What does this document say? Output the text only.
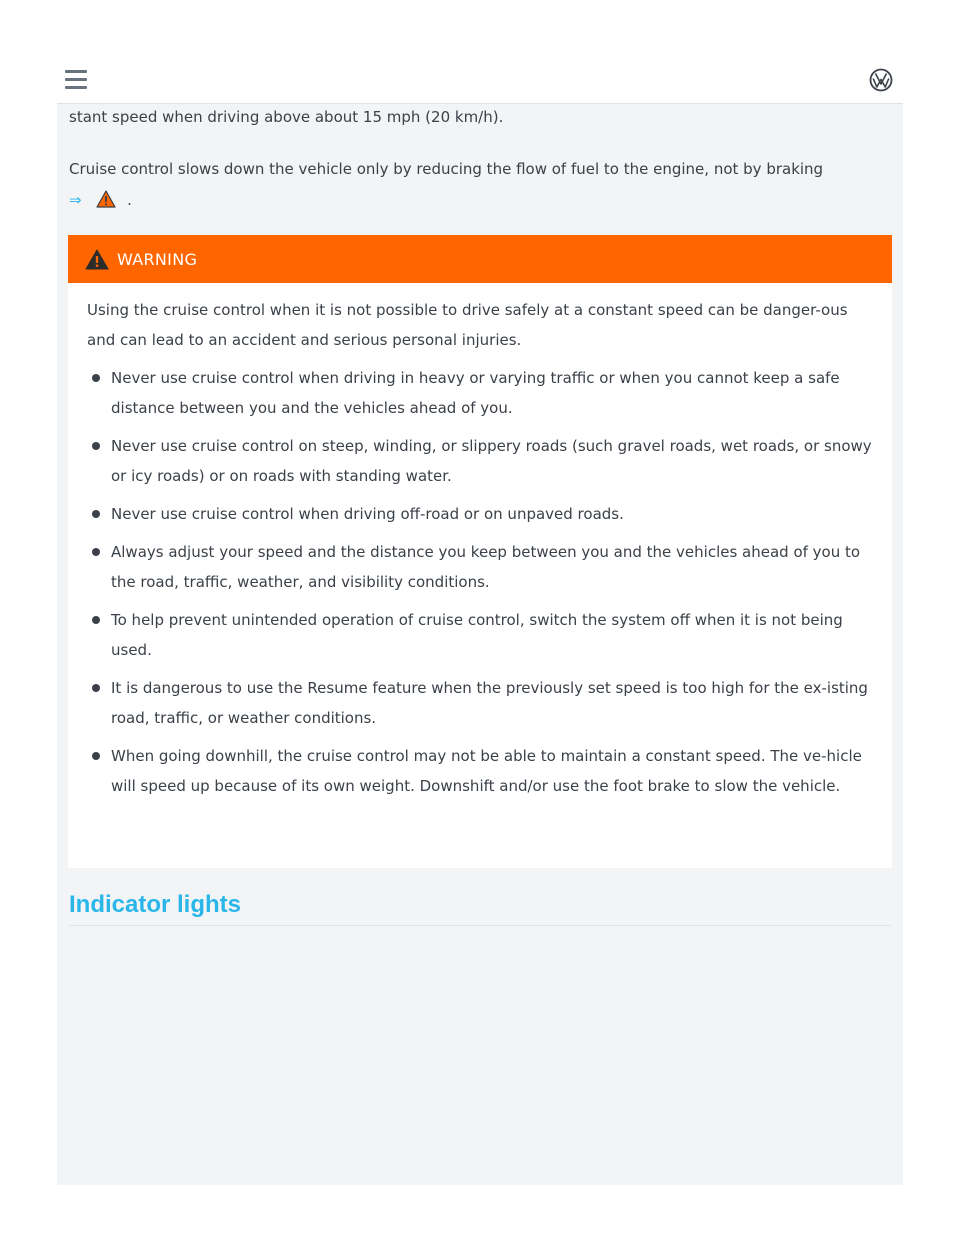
stant speed when driving above about 15 mph (20 km/h).

Cruise control slows down the vehicle only by reducing the flow of fuel to the engine, not by braking
⇒	.
WARNING

Using the cruise control when it is not possible to drive safely at a constant speed can be danger-ous and can lead to an accident and serious personal injuries.

Never use cruise control when driving in heavy or varying traffic or when you cannot keep a safe distance between you and the vehicles ahead of you.
Never use cruise control on steep, winding, or slippery roads (such gravel roads, wet roads, or snowy or icy roads) or on roads with standing water.
Never use cruise control when driving off-road or on unpaved roads.
Always adjust your speed and the distance you keep between you and the vehicles ahead of you to the road, traffic, weather, and visibility conditions.
To help prevent unintended operation of cruise control, switch the system off when it is not being used.
It is dangerous to use the Resume feature when the previously set speed is too high for the ex-isting road, traffic, or weather conditions.
When going downhill, the cruise control may not be able to maintain a constant speed. The ve-hicle will speed up because of its own weight. Downshift and/or use the foot brake to slow the vehicle.
Indicator lights
